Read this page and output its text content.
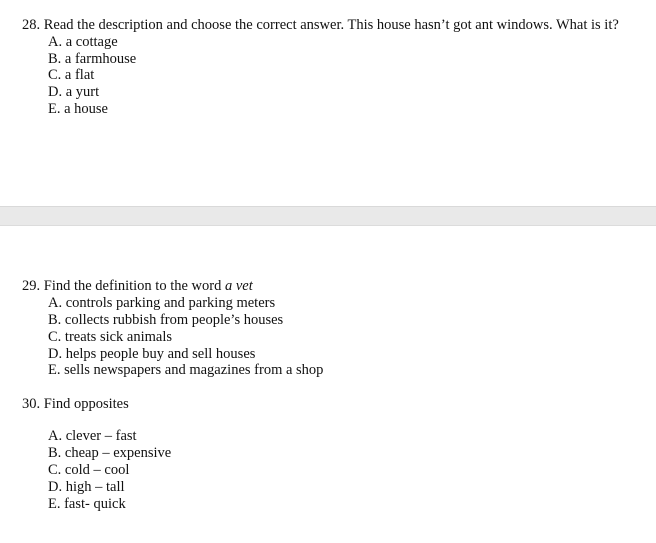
28. Read the description and choose the correct answer. This house hasn’t got ant windows. What is it?
A. a cottage
B. a farmhouse
C. a flat
D. a yurt
E. a house
29. Find the definition to the word a vet
A. controls parking and parking meters
B. collects rubbish from people’s houses
C. treats sick animals
D. helps people buy and sell houses
E. sells newspapers and magazines from a shop
30. Find opposites
A. clever – fast
B. cheap – expensive
C. cold – cool
D. high – tall
E. fast- quick
